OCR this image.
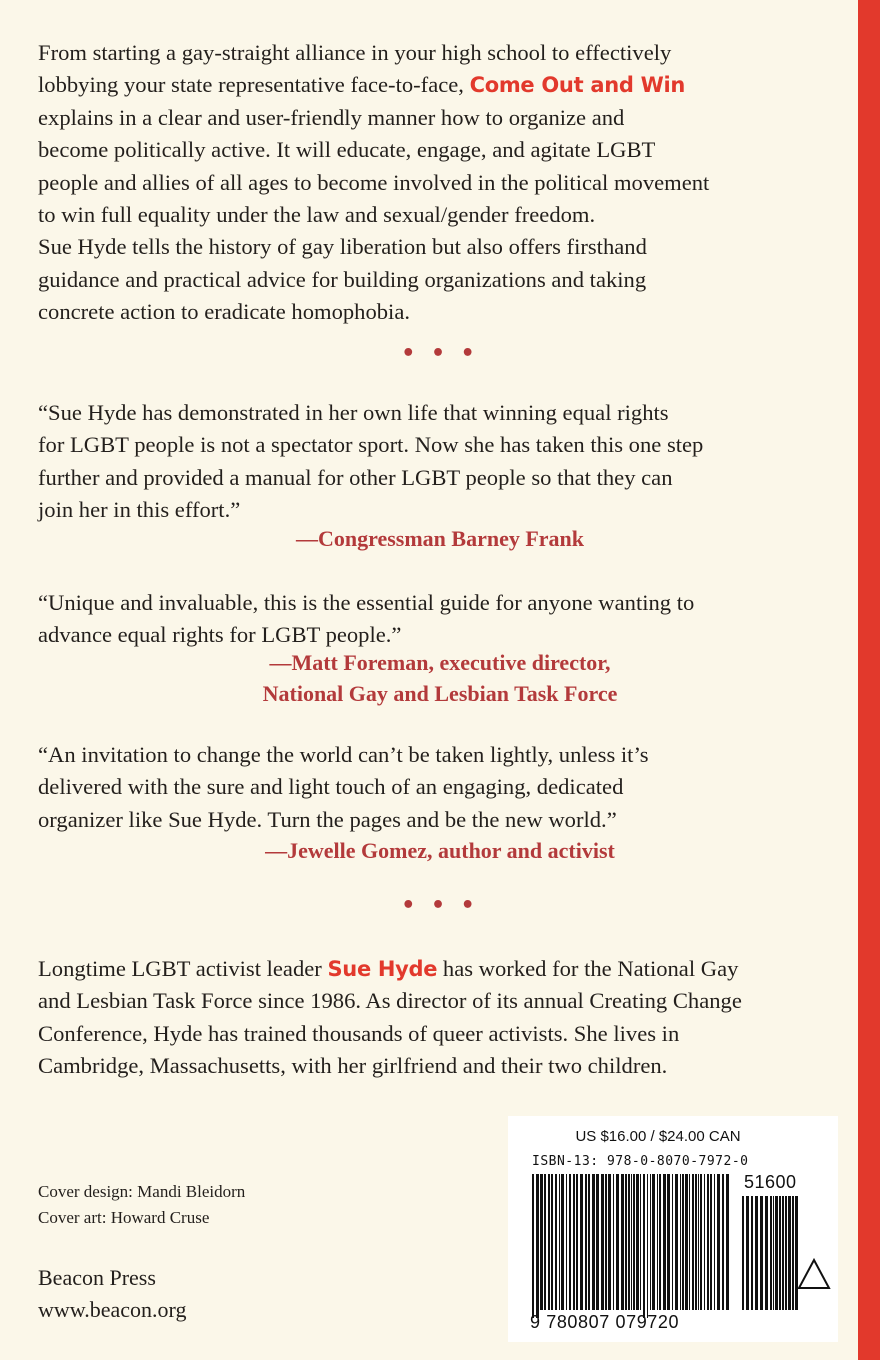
From starting a gay-straight alliance in your high school to effectively
lobbying your state representative face-to-face, Come Out and Win
explains in a clear and user-friendly manner how to organize and
become politically active. It will educate, engage, and agitate LGBT
people and allies of all ages to become involved in the political movement
to win full equality under the law and sexual/gender freedom.
Sue Hyde tells the history of gay liberation but also offers firsthand
guidance and practical advice for building organizations and taking
concrete action to eradicate homophobia.
• • •
“Sue Hyde has demonstrated in her own life that winning equal rights
for LGBT people is not a spectator sport. Now she has taken this one step
further and provided a manual for other LGBT people so that they can
join her in this effort.”

—Congressman Barney Frank

“Unique and invaluable, this is the essential guide for anyone wanting to
advance equal rights for LGBT people.”

—Matt Foreman, executive director,

National Gay and Lesbian Task Force

“An invitation to change the world can’t be taken lightly, unless it’s
delivered with the sure and light touch of an engaging, dedicated
organizer like Sue Hyde. Turn the pages and be the new world.”

—Jewelle Gomez, author and activist

• • •
Longtime LGBT activist leader Sue Hyde has worked for the National Gay
and Lesbian Task Force since 1986. As director of its annual Creating Change
Conference, Hyde has trained thousands of queer activists. She lives in
Cambridge, Massachusetts, with her girlfriend and their two children.
Cover design: Mandi Bleidorn
Cover art: Howard Cruse
Beacon Press
www.beacon.org
US $16.00 / $24.00 CAN
ISBN-13: 978-0-8070-7972-0
51600
9 780807 079720
